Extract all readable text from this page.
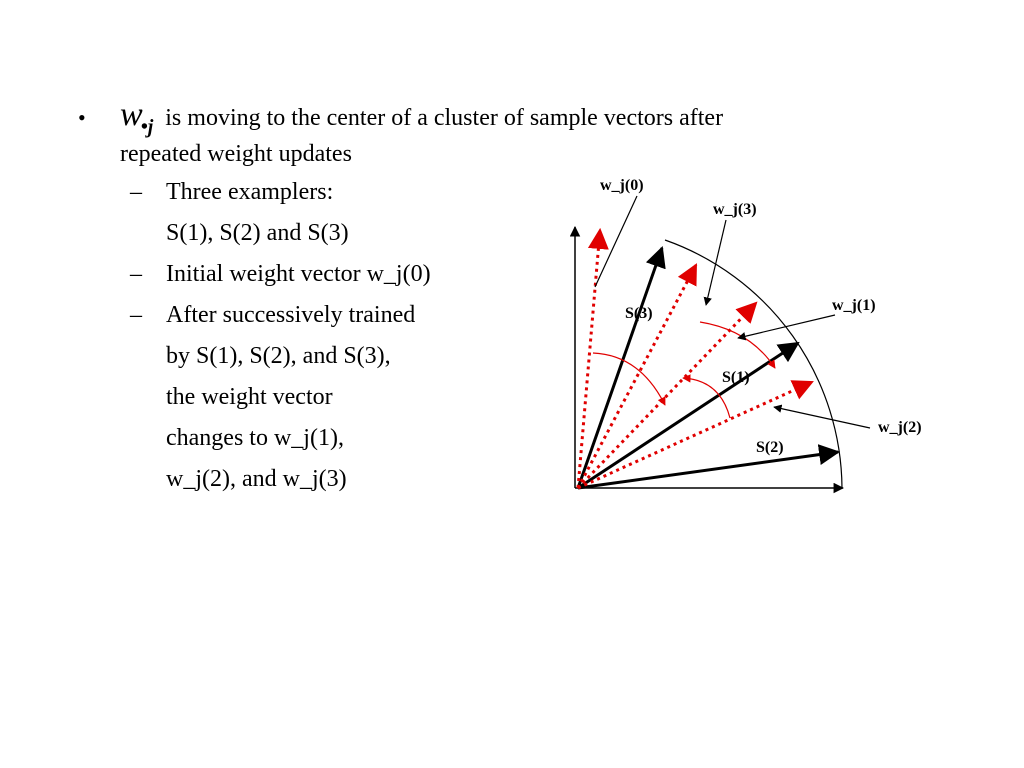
• $w_{•j}$ is moving to the center of a cluster of sample vectors after
repeated weight updates
– Three examplers:
S(1), S(2) and S(3)
– Initial weight vector w_j(0)
– After successively trained
by S(1), S(2), and S(3),
the weight vector
changes to w_j(1),
w_j(2), and w_j(3)
S(3)
S(1)
S(2)
w_j(0)
w_j(3)
w_j(1)
w_j(2)
